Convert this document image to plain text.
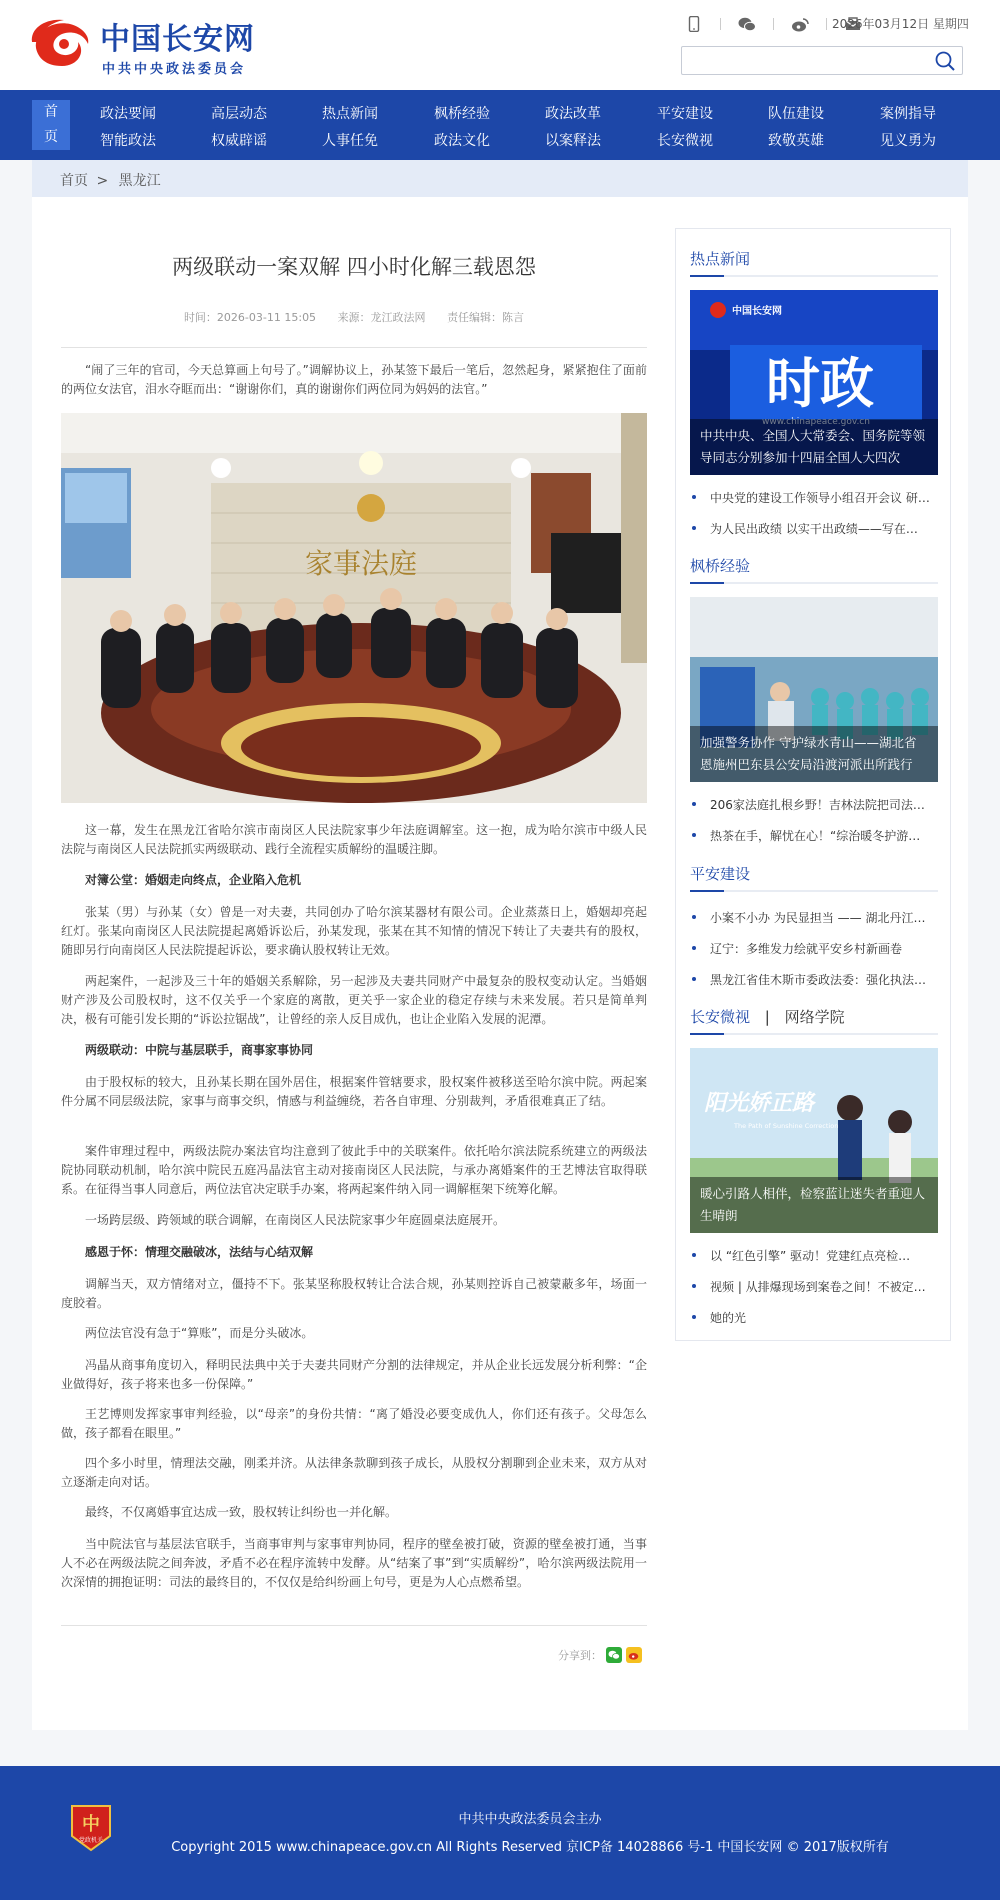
中国长安网
中共中央政法委员会
2026年03月12日 星期四
首
页
政法要闻
智能政法
高层动态
权威辟谣
热点新闻
人事任免
枫桥经验
政法文化
政法改革
以案释法
平安建设
长安微视
队伍建设
致敬英雄
案例指导
见义勇为
首页 > 黑龙江
两级联动一案双解 四小时化解三载恩怨
时间：2026-03-11 15:05 来源：龙江政法网 责任编辑：陈言

“闹了三年的官司，今天总算画上句号了。”调解协议上，孙某签下最后一笔后，忽然起身，紧紧抱住了面前的两位女法官，泪水夺眶而出：“谢谢你们，真的谢谢你们两位同为妈妈的法官。”

家事法庭

这一幕，发生在黑龙江省哈尔滨市南岗区人民法院家事少年法庭调解室。这一抱，成为哈尔滨市中级人民法院与南岗区人民法院抓实两级联动、践行全流程实质解纷的温暖注脚。

对簿公堂：婚姻走向终点，企业陷入危机

张某（男）与孙某（女）曾是一对夫妻，共同创办了哈尔滨某器材有限公司。企业蒸蒸日上，婚姻却亮起红灯。张某向南岗区人民法院提起离婚诉讼后，孙某发现，张某在其不知情的情况下转让了夫妻共有的股权，随即另行向南岗区人民法院提起诉讼，要求确认股权转让无效。

两起案件，一起涉及三十年的婚姻关系解除，另一起涉及夫妻共同财产中最复杂的股权变动认定。当婚姻财产涉及公司股权时，这不仅关乎一个家庭的离散，更关乎一家企业的稳定存续与未来发展。若只是简单判决，极有可能引发长期的“诉讼拉锯战”，让曾经的亲人反目成仇，也让企业陷入发展的泥潭。

两级联动：中院与基层联手，商事家事协同

由于股权标的较大，且孙某长期在国外居住，根据案件管辖要求，股权案件被移送至哈尔滨中院。两起案件分属不同层级法院，家事与商事交织，情感与利益缠绕，若各自审理、分别裁判，矛盾很难真正了结。

案件审理过程中，两级法院办案法官均注意到了彼此手中的关联案件。依托哈尔滨法院系统建立的两级法院协同联动机制，哈尔滨中院民五庭冯晶法官主动对接南岗区人民法院，与承办离婚案件的王艺博法官取得联系。在征得当事人同意后，两位法官决定联手办案，将两起案件纳入同一调解框架下统筹化解。

一场跨层级、跨领域的联合调解，在南岗区人民法院家事少年庭圆桌法庭展开。

感恩于怀：情理交融破冰，法结与心结双解

调解当天，双方情绪对立，僵持不下。张某坚称股权转让合法合规，孙某则控诉自己被蒙蔽多年，场面一度胶着。

两位法官没有急于“算账”，而是分头破冰。

冯晶从商事角度切入，释明民法典中关于夫妻共同财产分割的法律规定，并从企业长远发展分析利弊：“企业做得好，孩子将来也多一份保障。”

王艺博则发挥家事审判经验，以“母亲”的身份共情：“离了婚没必要变成仇人，你们还有孩子。父母怎么做，孩子都看在眼里。”

四个多小时里，情理法交融，刚柔并济。从法律条款聊到孩子成长，从股权分割聊到企业未来，双方从对立逐渐走向对话。

最终，不仅离婚事宜达成一致，股权转让纠纷也一并化解。

当中院法官与基层法官联手，当商事审判与家事审判协同，程序的壁垒被打破，资源的壁垒被打通，当事人不必在两级法院之间奔波，矛盾不必在程序流转中发酵。从“结案了事”到“实质解纷”，哈尔滨两级法院用一次深情的拥抱证明：司法的最终目的，不仅仅是给纠纷画上句号，更是为人心点燃希望。

分享到：
热点新闻
中国长安网
时政
www.chinapeace.gov.cn
中共中央、全国人大常委会、国务院等领导同志分别参加十四届全国人大四次
中央党的建设工作领导小组召开会议 研…
为人民出政绩 以实干出政绩——写在…
枫桥经验
加强警务协作 守护绿水青山——湖北省恩施州巴东县公安局沿渡河派出所践行
206家法庭扎根乡野！吉林法院把司法…
热茶在手，解忧在心！“综治暖冬护游…
平安建设
小案不小办 为民显担当 —— 湖北丹江…
辽宁：多维发力绘就平安乡村新画卷
黑龙江省佳木斯市委政法委：强化执法…
长安微视 | 网络学院
阳光娇正路
The Path of Sunshine Correction
暖心引路人相伴，检察蓝让迷失者重迎人生晴朗
以 “红色引擎” 驱动！党建红点亮检…
视频 | 从排爆现场到案卷之间！不被定…
她的光
中
党政机关
中共中央政法委员会主办
Copyright 2015 www.chinapeace.gov.cn All Rights Reserved 京ICP备 14028866 号-1 中国长安网 © 2017版权所有
